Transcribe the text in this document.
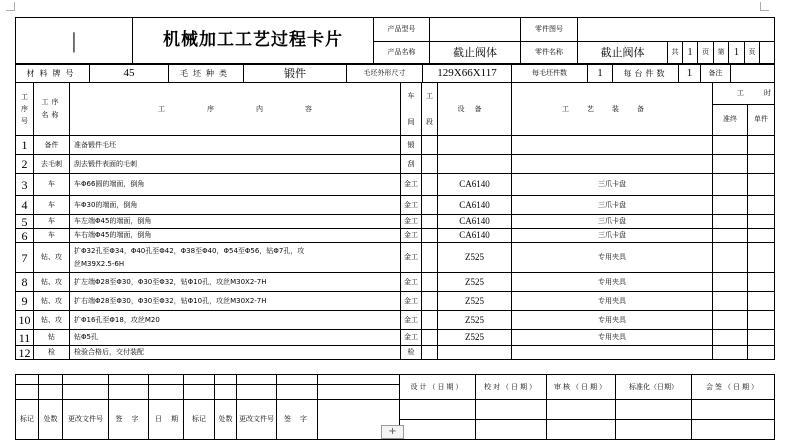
|	机械加工工艺过程卡片	产品型号		零件图号								
		产品名称	截止阀体	零件名称	截止阀体	共	1	页	第	1	页	
材料牌号	45	毛坯种类	锻件	毛坯外形尺寸	129X66X117	每毛坯件数	1	每台件数	1	备注	
工序号	工序名称	工序内容	车间	工段	设备	工艺装备	工时	
							准终	单件
1	备件	准备锻件毛坯	锻					
2	去毛刺	刮去锻件表面的毛刺	刮					
3	车	车Φ66圆的端面，倒角	金工		CA6140	三爪卡盘		
4	车	车Φ30的端面，倒角	金工		CA6140	三爪卡盘		
5	车	车左端Φ45的端面，倒角	金工		CA6140	三爪卡盘		
6	车	车右端Φ45的端面，倒角	金工		CA6140	三爪卡盘		
7	钻、攻	扩Φ32孔至Φ34，Φ40孔至Φ42，Φ38至Φ40，Φ54至Φ56，钻Φ7孔，攻
丝M39X2.5-6H	金工		Z525	专用夹具		
8	钻、攻	扩左端Φ28至Φ30，Φ30至Φ32，钻Φ10孔，攻丝M30X2-7H	金工		Z525	专用夹具		
9	钻、攻	扩右端Φ28至Φ30，Φ30至Φ32，钻Φ10孔，攻丝M30X2-7H	金工		Z525	专用夹具		
10	钻、攻	扩Φ16孔至Φ18，攻丝M20	金工		Z525	专用夹具		
11	钻	钻Φ5孔	金工		Z525	专用夹具		
12	检	检验合格后，交付装配	检					
										设计（日期）	校对（日期）	审核（日期）	标准化（日期）	会签（日期）

标记	处数	更改文件号	签字	日期	标记	处数	更改文件号	签字						

+
